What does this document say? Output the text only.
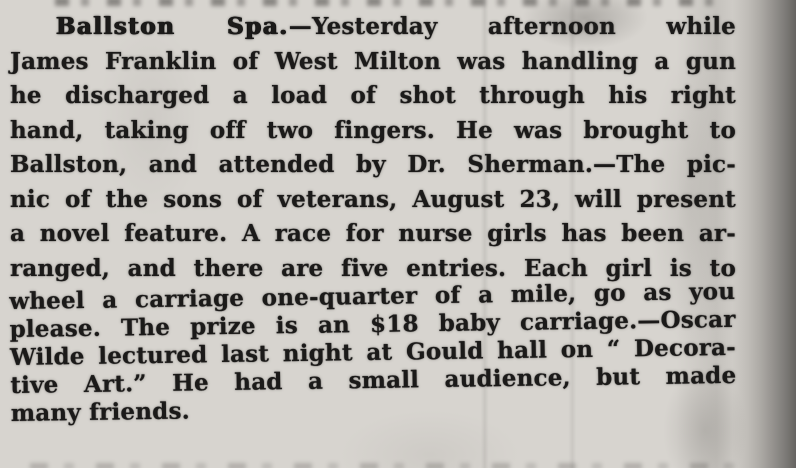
Ballston Spa.—Yesterday afternoon while
James Franklin of West Milton was handling a gun
he discharged a load of shot through his right
hand, taking off two fingers. He was brought to
Ballston, and attended by Dr. Sherman.—The pic-
nic of the sons of veterans, August 23, will present
a novel feature. A race for nurse girls has been ar-
ranged, and there are five entries. Each girl is to
wheel a carriage one-quarter of a mile, go as you
please. The prize is an $18 baby carriage.—Oscar
Wilde lectured last night at Gould hall on “ Decora-
tive Art.” He had a small audience, but made
many friends.
